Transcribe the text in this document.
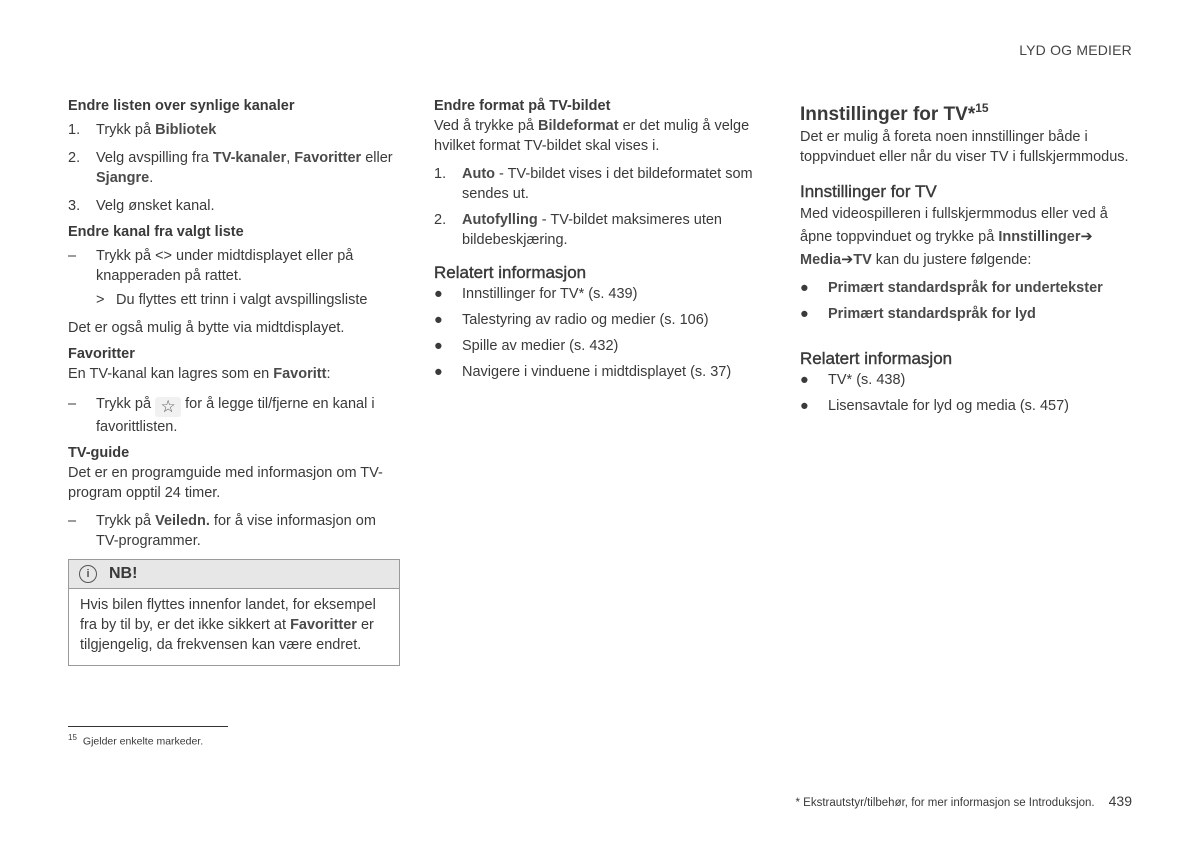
LYD OG MEDIER

Endre listen over synlige kanaler

1. Trykk på Bibliotek
2. Velg avspilling fra TV-kanaler, Favoritter eller Sjangre.
3. Velg ønsket kanal.

Endre kanal fra valgt liste

– Trykk på <> under midtdisplayet eller på knapperaden på rattet.
> Du flyttes ett trinn i valgt avspillingsliste

Det er også mulig å bytte via midtdisplayet.

Favoritter

En TV-kanal kan lagres som en Favoritt:

– Trykk på ☆ for å legge til/fjerne en kanal i favorittlisten.

TV-guide

Det er en programguide med informasjon om TV-program opptil 24 timer.

– Trykk på Veiledn. for å vise informasjon om TV-programmer.
i	NB!
Hvis bilen flyttes innenfor landet, for eksempel fra by til by, er det ikke sikkert at Favoritter er tilgjengelig, da frekvensen kan være endret.

Endre format på TV-bildet

Ved å trykke på Bildeformat er det mulig å velge hvilket format TV-bildet skal vises i.

1. Auto - TV-bildet vises i det bildeformatet som sendes ut.
2. Autofylling - TV-bildet maksimeres uten bildebeskjæring.

Relatert informasjon

● Innstillinger for TV* (s. 439)
● Talestyring av radio og medier (s. 106)
● Spille av medier (s. 432)
● Navigere i vinduene i midtdisplayet (s. 37)

Innstillinger for TV*$^{15}$

Det er mulig å foreta noen innstillinger både i toppvinduet eller når du viser TV i fullskjermmodus.

Innstillinger for TV

Med videospilleren i fullskjermmodus eller ved å åpne toppvinduet og trykke på Innstillinger➔ Media➔TV kan du justere følgende:

● Primært standardspråk for undertekster
● Primært standardspråk for lyd

Relatert informasjon

● TV* (s. 438)
● Lisensavtale for lyd og media (s. 457)
$^{15}$ Gjelder enkelte markeder.
* Ekstrautstyr/tilbehør, for mer informasjon se Introduksjon. 439
